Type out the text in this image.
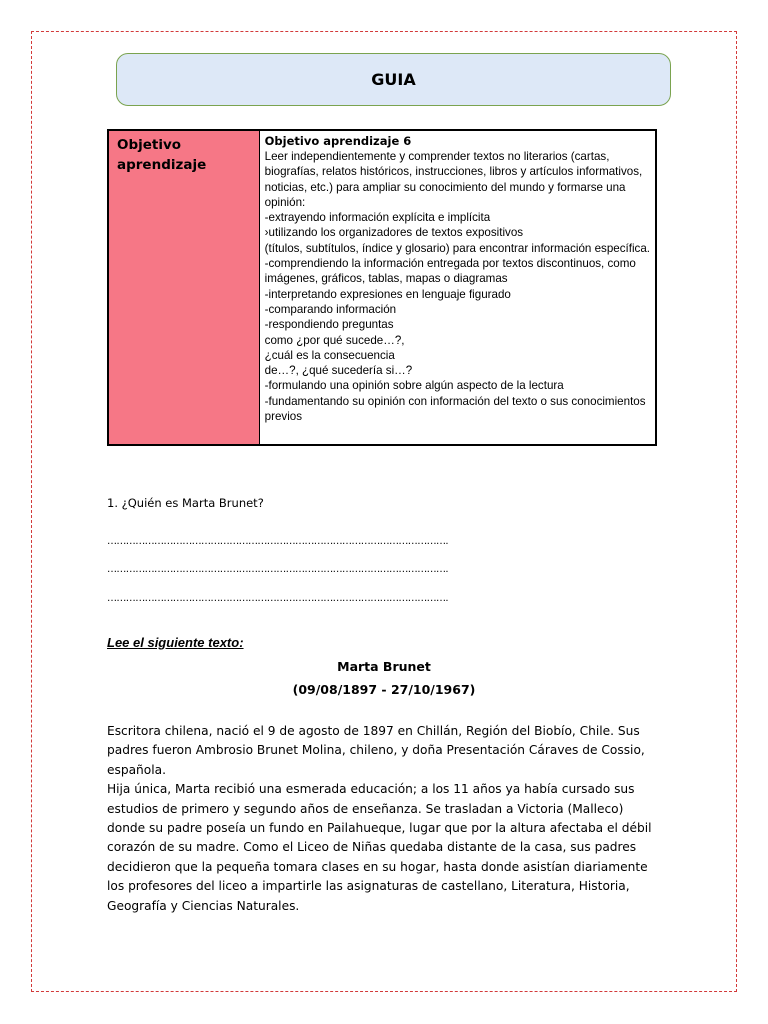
GUIA
Objetivo
aprendizaje
Objetivo aprendizaje 6
Leer independientemente y comprender textos no literarios (cartas,
biografías, relatos históricos, instrucciones, libros y artículos informativos,
noticias, etc.) para ampliar su conocimiento del mundo y formarse una
opinión:
-extrayendo información explícita e implícita
›utilizando los organizadores de textos expositivos
(títulos, subtítulos, índice y glosario) para encontrar información específica.
-comprendiendo la información entregada por textos discontinuos, como
imágenes, gráficos, tablas, mapas o diagramas
-interpretando expresiones en lenguaje figurado
-comparando información
-respondiendo preguntas
como ¿por qué sucede…?,
¿cuál es la consecuencia
de…?, ¿qué sucedería si…?
-formulando una opinión sobre algún aspecto de la lectura
-fundamentando su opinión con información del texto o sus conocimientos
previos
1. ¿Quién es Marta Brunet?
……………………………………………………………………………………………….
……………………………………………………………………………………………….
……………………………………………………………………………………………….
Lee el siguiente texto:
Marta Brunet
(09/08/1897 - 27/10/1967)
Escritora chilena, nació el 9 de agosto de 1897 en Chillán, Región del Biobío, Chile. Sus
padres fueron Ambrosio Brunet Molina, chileno, y doña Presentación Cáraves de Cossio,
española.
Hija única, Marta recibió una esmerada educación; a los 11 años ya había cursado sus
estudios de primero y segundo años de enseñanza. Se trasladan a Victoria (Malleco)
donde su padre poseía un fundo en Pailahueque, lugar que por la altura afectaba el débil
corazón de su madre. Como el Liceo de Niñas quedaba distante de la casa, sus padres
decidieron que la pequeña tomara clases en su hogar, hasta donde asistían diariamente
los profesores del liceo a impartirle las asignaturas de castellano, Literatura, Historia,
Geografía y Ciencias Naturales.
